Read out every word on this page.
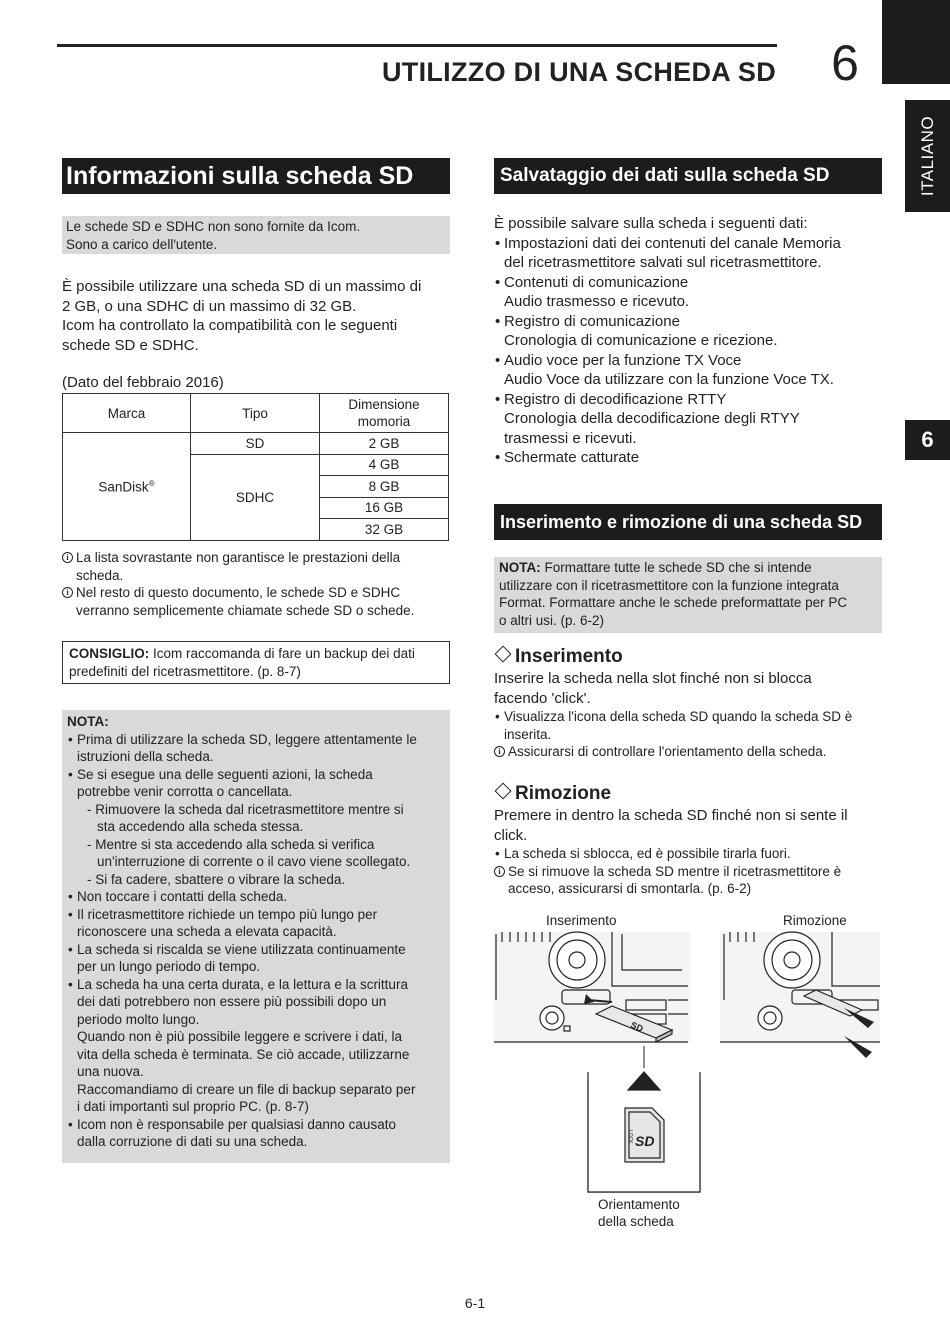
UTILIZZO DI UNA SCHEDA SD	6
ITALIANO
6
Informazioni sulla scheda SD
Le schede SD e SDHC non sono fornite da Icom.
Sono a carico dell'utente.
È possibile utilizzare una scheda SD di un massimo di
2 GB, o una SDHC di un massimo di 32 GB.
Icom ha controllato la compatibilità con le seguenti
schede SD e SDHC.
(Dato del febbraio 2016)
Marca	Tipo	Dimensione
momoria
SanDisk®	SD	2 GB
	SDHC	4 GB
		8 GB
		16 GB
		32 GB
i La lista sovrastante non garantisce le prestazioni della
scheda.
i Nel resto di questo documento, le schede SD e SDHC
verranno semplicemente chiamate schede SD o schede.
CONSIGLIO: Icom raccomanda di fare un backup dei dati
predefiniti del ricetrasmettitore. (p. 8-7)
NOTA:
• Prima di utilizzare la scheda SD, leggere attentamente le
istruzioni della scheda.
• Se si esegue una delle seguenti azioni, la scheda
potrebbe venir corrotta o cancellata.
- Rimuovere la scheda dal ricetrasmettitore mentre si
sta accedendo alla scheda stessa.
- Mentre si sta accedendo alla scheda si verifica
un'interruzione di corrente o il cavo viene scollegato.
- Si fa cadere, sbattere o vibrare la scheda.
• Non toccare i contatti della scheda.
• Il ricetrasmettitore richiede un tempo più lungo per
riconoscere una scheda a elevata capacità.
• La scheda si riscalda se viene utilizzata continuamente
per un lungo periodo di tempo.
• La scheda ha una certa durata, e la lettura e la scrittura
dei dati potrebbero non essere più possibili dopo un
periodo molto lungo.
Quando non è più possibile leggere e scrivere i dati, la
vita della scheda è terminata. Se ciò accade, utilizzarne
una nuova.
Raccomandiamo di creare un file di backup separato per
i dati importanti sul proprio PC. (p. 8-7)
• Icom non è responsabile per qualsiasi danno causato
dalla corruzione di dati su una scheda.
Salvataggio dei dati sulla scheda SD
È possibile salvare sulla scheda i seguenti dati:
• Impostazioni dati dei contenuti del canale Memoria
del ricetrasmettitore salvati sul ricetrasmettitore.
• Contenuti di comunicazione
Audio trasmesso e ricevuto.
• Registro di comunicazione
Cronologia di comunicazione e ricezione.
• Audio voce per la funzione TX Voce
Audio Voce da utilizzare con la funzione Voce TX.
• Registro di decodificazione RTTY
Cronologia della decodificazione degli RTYY
trasmessi e ricevuti.
• Schermate catturate
Inserimento e rimozione di una scheda SD
NOTA: Formattare tutte le schede SD che si intende
utilizzare con il ricetrasmettitore con la funzione integrata
Format. Formattare anche le schede preformattate per PC
o altri usi. (p. 6-2)
Inserimento
Inserire la scheda nella slot finché non si blocca
facendo 'click'.
• Visualizza l'icona della scheda SD quando la scheda SD è
inserita.
i Assicurarsi di controllare l'orientamento della scheda.
Rimozione
Premere in dentro la scheda SD finché non si sente il
click.
• La scheda si sblocca, ed è possibile tirarla fuori.
i Se si rimuove la scheda SD mentre il ricetrasmettitore è
acceso, assicurarsi di smontarla. (p. 6-2)
Inserimento	Rimozione
SD
SD
LOCK
Orientamento
della scheda
6-1
